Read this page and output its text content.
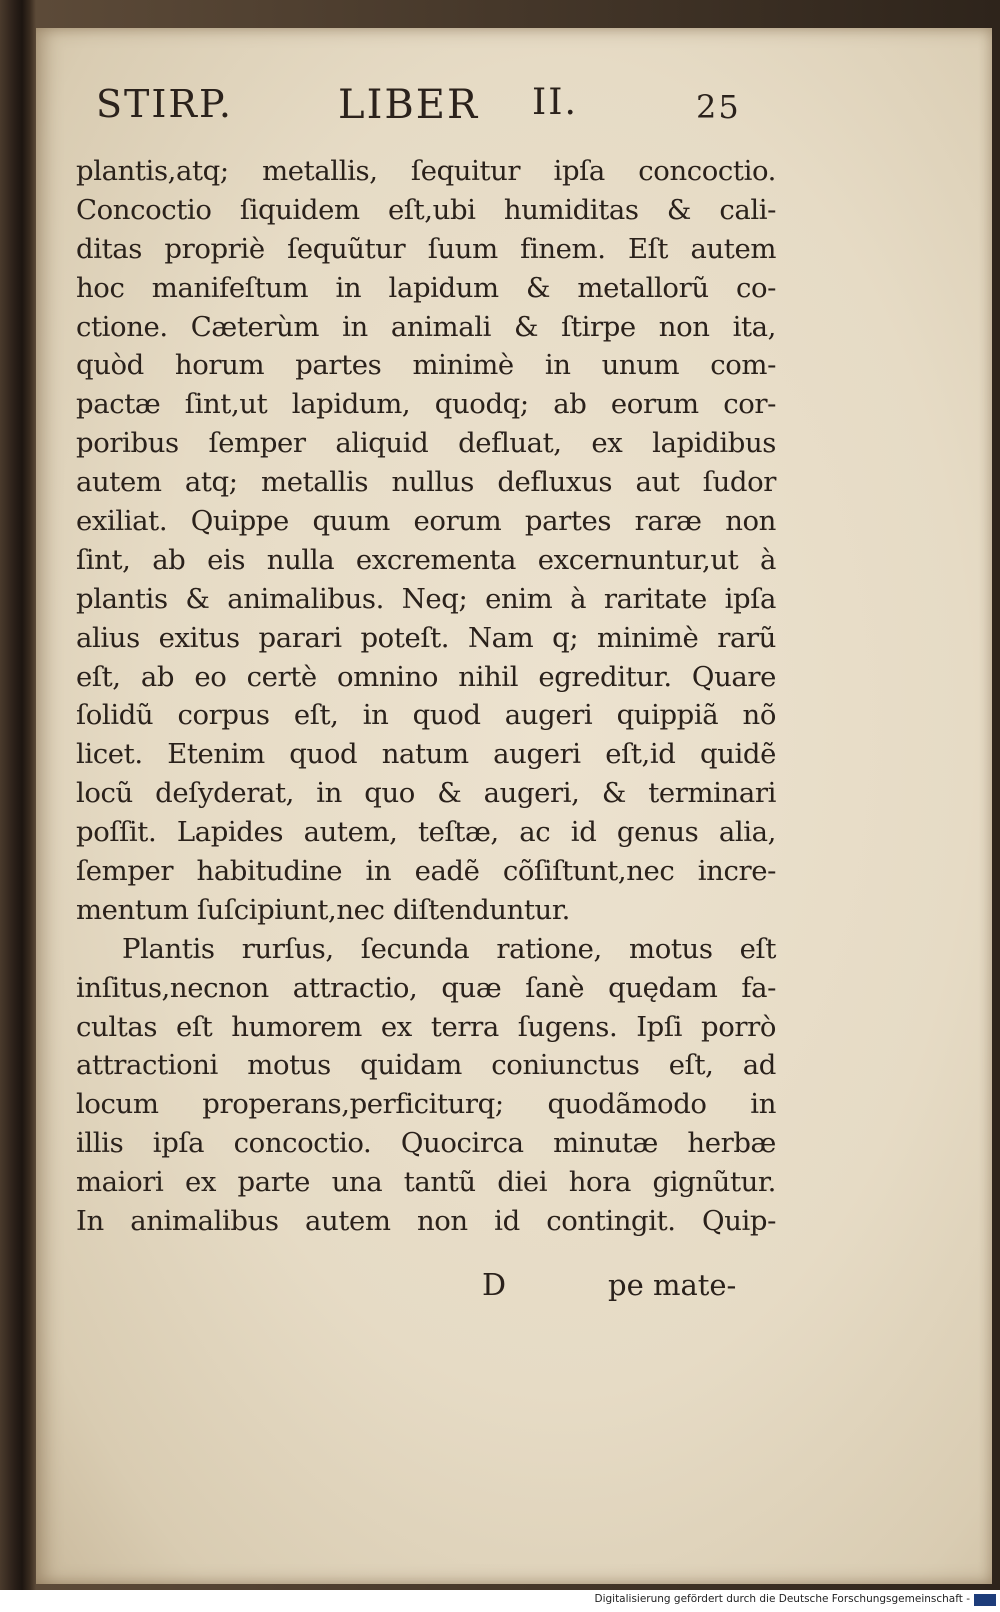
STIRP.	LIBER II.	25
plantis,atq; metallis, ſequitur ipſa concoctio.
Concoctio ſiquidem eſt,ubi humiditas & cali-
ditas propriè ſequũtur ſuum finem. Eſt autem
hoc manifeſtum in lapidum & metallorũ co-
ctione. Cæterùm in animali & ſtirpe non ita,
quòd horum partes minimè in unum com-
pactæ ſint,ut lapidum, quodq; ab eorum cor-
poribus ſemper aliquid defluat, ex lapidibus
autem atq; metallis nullus defluxus aut ſudor
exiliat. Quippe quum eorum partes raræ non
ſint, ab eis nulla excrementa excernuntur,ut à
plantis & animalibus. Neq; enim à raritate ipſa
alius exitus parari poteſt. Nam q; minimè rarũ
eſt, ab eo certè omnino nihil egreditur. Quare
ſolidũ corpus eſt, in quod augeri quippiã nõ
licet. Etenim quod natum augeri eſt,id quidẽ
locũ deſyderat, in quo & augeri, & terminari
poſſit. Lapides autem, teſtæ, ac id genus alia,
ſemper habitudine in eadẽ cõſiſtunt,nec incre-
mentum ſuſcipiunt,nec diſtenduntur.
Plantis rurſus, ſecunda ratione, motus eſt
inſitus,necnon attractio, quæ ſanè quędam fa-
cultas eſt humorem ex terra ſugens. Ipſi porrò
attractioni motus quidam coniunctus eſt, ad
locum properans,perficiturq; quodãmodo in
illis ipſa concoctio. Quocirca minutæ herbæ
maiori ex parte una tantũ diei hora gignũtur.
In animalibus autem non id contingit. Quip-
D	pe mate-
Digitalisierung gefördert durch die Deutsche Forschungsgemeinschaft -
